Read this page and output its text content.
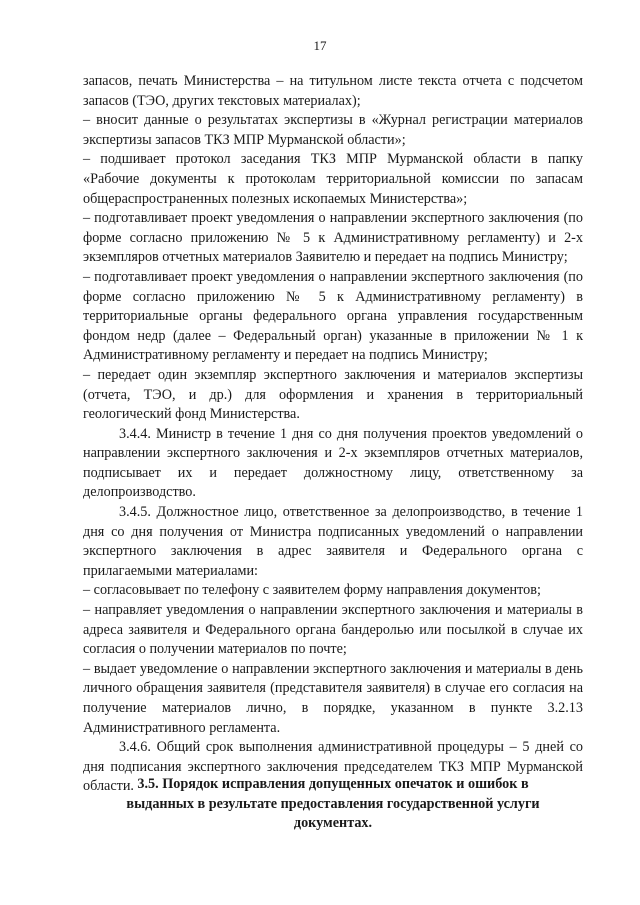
17

запасов, печать Министерства – на титульном листе текста отчета с подсчетом запасов (ТЭО, других текстовых материалах);

– вносит данные о результатах экспертизы в «Журнал регистрации материалов экспертизы запасов ТКЗ МПР Мурманской области»;

– подшивает протокол заседания ТКЗ МПР Мурманской области в папку «Рабочие документы к протоколам территориальной комиссии по запасам общераспространенных полезных ископаемых Министерства»;

– подготавливает проект уведомления о направлении экспертного заключения (по форме согласно приложению № 5 к Административному регламенту) и 2-х экземпляров отчетных материалов Заявителю и передает на подпись Министру;

– подготавливает проект уведомления о направлении экспертного заключения (по форме согласно приложению № 5 к Административному регламенту) в территориальные органы федерального органа управления государственным фондом недр (далее – Федеральный орган) указанные в приложении № 1 к Административному регламенту и передает на подпись Министру;

– передает один экземпляр экспертного заключения и материалов экспертизы (отчета, ТЭО, и др.) для оформления и хранения в территориальный геологический фонд Министерства.

3.4.4. Министр в течение 1 дня со дня получения проектов уведомлений о направлении экспертного заключения и 2-х экземпляров отчетных материалов, подписывает их и передает должностному лицу, ответственному за делопроизводство.

3.4.5. Должностное лицо, ответственное за делопроизводство, в течение 1 дня со дня получения от Министра подписанных уведомлений о направлении экспертного заключения в адрес заявителя и Федерального органа с прилагаемыми материалами:

– согласовывает по телефону с заявителем форму направления документов;

– направляет уведомления о направлении экспертного заключения и материалы в адреса заявителя и Федерального органа бандеролью или посылкой в случае их согласия о получении материалов по почте;

– выдает уведомление о направлении экспертного заключения и материалы в день личного обращения заявителя (представителя заявителя) в случае его согласия на получение материалов лично, в порядке, указанном в пункте 3.2.13 Административного регламента.

3.4.6. Общий срок выполнения административной процедуры – 5 дней со дня подписания экспертного заключения председателем ТКЗ МПР Мурманской области. 3.5. Порядок исправления допущенных опечаток и ошибок в
выданных в результате предоставления государственной услуги
документах.
